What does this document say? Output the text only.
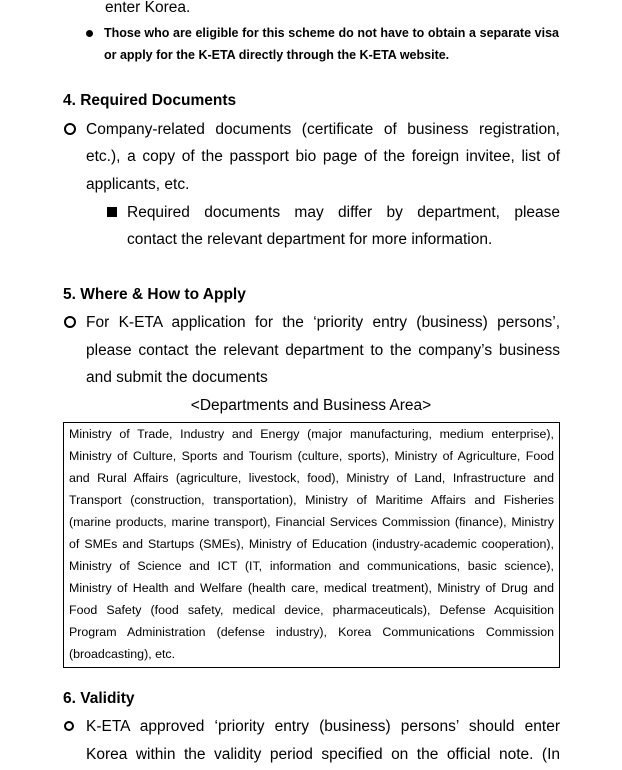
enter Korea.
Those who are eligible for this scheme do not have to obtain a separate visa
or apply for the K-ETA directly through the K-ETA website.
4. Required Documents
Company-related documents (certificate of business registration,
etc.), a copy of the passport bio page of the foreign invitee, list of
applicants, etc.
Required documents may differ by department, please
contact the relevant department for more information.
5. Where & How to Apply
For K-ETA application for the ‘priority entry (business) persons’,
please contact the relevant department to the company’s business
and submit the documents
<Departments and Business Area>
Ministry of Trade, Industry and Energy (major manufacturing, medium enterprise),
Ministry of Culture, Sports and Tourism (culture, sports), Ministry of Agriculture, Food
and Rural Affairs (agriculture, livestock, food), Ministry of Land, Infrastructure and
Transport (construction, transportation), Ministry of Maritime Affairs and Fisheries
(marine products, marine transport), Financial Services Commission (finance), Ministry
of SMEs and Startups (SMEs), Ministry of Education (industry-academic cooperation),
Ministry of Science and ICT (IT, information and communications, basic science),
Ministry of Health and Welfare (health care, medical treatment), Ministry of Drug and
Food Safety (food safety, medical device, pharmaceuticals), Defense Acquisition
Program Administration (defense industry), Korea Communications Commission
(broadcasting), etc.
6. Validity
K-ETA approved ‘priority entry (business) persons’ should enter
Korea within the validity period specified on the official note. (In
